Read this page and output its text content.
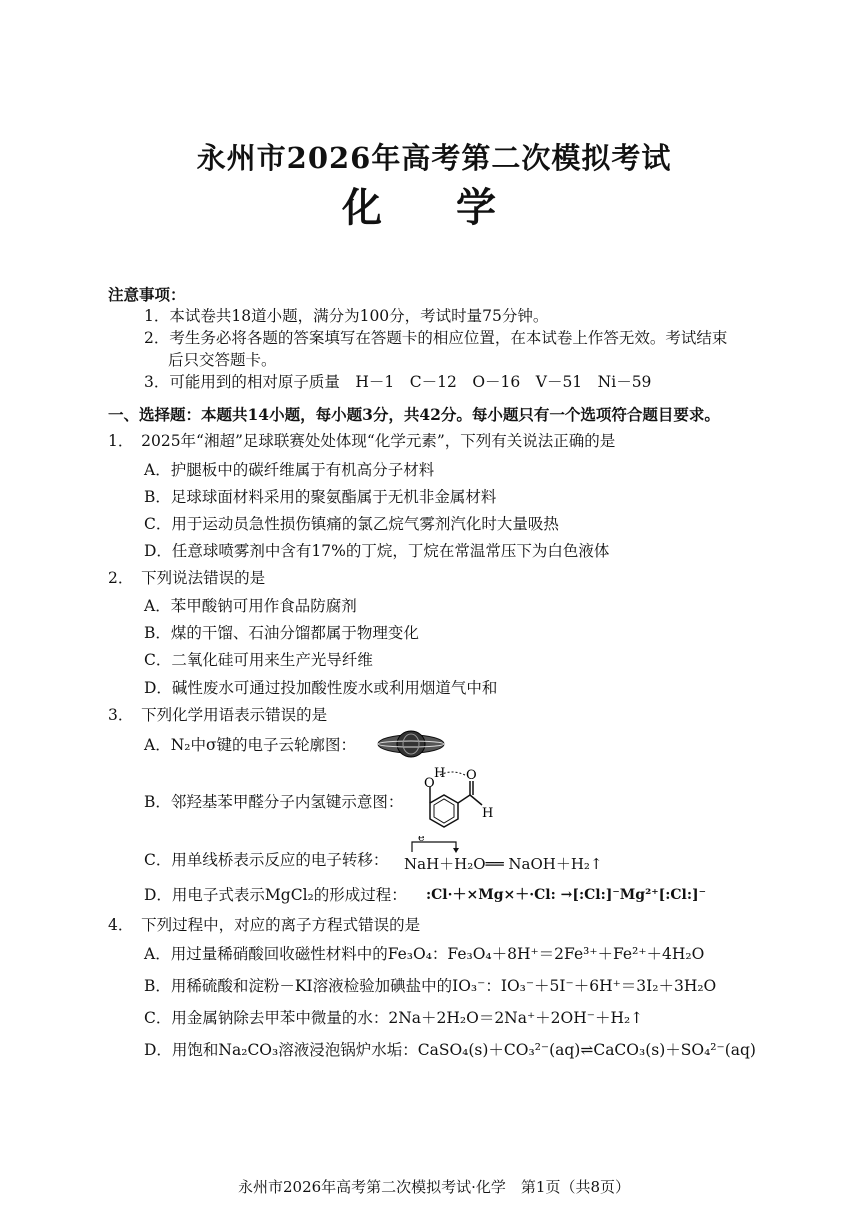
永州市2026年高考第二次模拟考试
化 学
注意事项：
1．本试卷共18道小题，满分为100分，考试时量75分钟。
2．考生务必将各题的答案填写在答题卡的相应位置，在本试卷上作答无效。考试结束
后只交答题卡。
3．可能用到的相对原子质量　H－1　C－12　O－16　V－51　Ni－59
一、选择题：本题共14小题，每小题3分，共42分。每小题只有一个选项符合题目要求。
1．　2025年“湘超”足球联赛处处体现“化学元素”，下列有关说法正确的是
A．护腿板中的碳纤维属于有机高分子材料
B．足球球面材料采用的聚氨酯属于无机非金属材料
C．用于运动员急性损伤镇痛的氯乙烷气雾剂汽化时大量吸热
D．任意球喷雾剂中含有17%的丁烷，丁烷在常温常压下为白色液体
2．　下列说法错误的是
A．苯甲酸钠可用作食品防腐剂
B．煤的干馏、石油分馏都属于物理变化
C．二氧化硅可用来生产光导纤维
D．碱性废水可通过投加酸性废水或利用烟道气中和
3．　下列化学用语表示错误的是
A．N₂中σ键的电子云轮廓图：
B．邻羟基苯甲醛分子内氢键示意图：
O
H O
H
C．用单线桥表示反应的电子转移：
e⁻
NaH＋H₂O══ NaOH＋H₂↑
D．用电子式表示MgCl₂的形成过程： :Cl·＋×Mg×＋·Cl: →[:Cl:]⁻Mg²⁺[:Cl:]⁻
4．　下列过程中，对应的离子方程式错误的是
A．用过量稀硝酸回收磁性材料中的Fe₃O₄：Fe₃O₄＋8H⁺＝2Fe³⁺＋Fe²⁺＋4H₂O
B．用稀硫酸和淀粉－KI溶液检验加碘盐中的IO₃⁻：IO₃⁻＋5I⁻＋6H⁺＝3I₂＋3H₂O
C．用金属钠除去甲苯中微量的水：2Na＋2H₂O＝2Na⁺＋2OH⁻＋H₂↑
D．用饱和Na₂CO₃溶液浸泡锅炉水垢：CaSO₄(s)＋CO₃²⁻(aq)⇌CaCO₃(s)＋SO₄²⁻(aq)
永州市2026年高考第二次模拟考试·化学　第1页（共8页）
